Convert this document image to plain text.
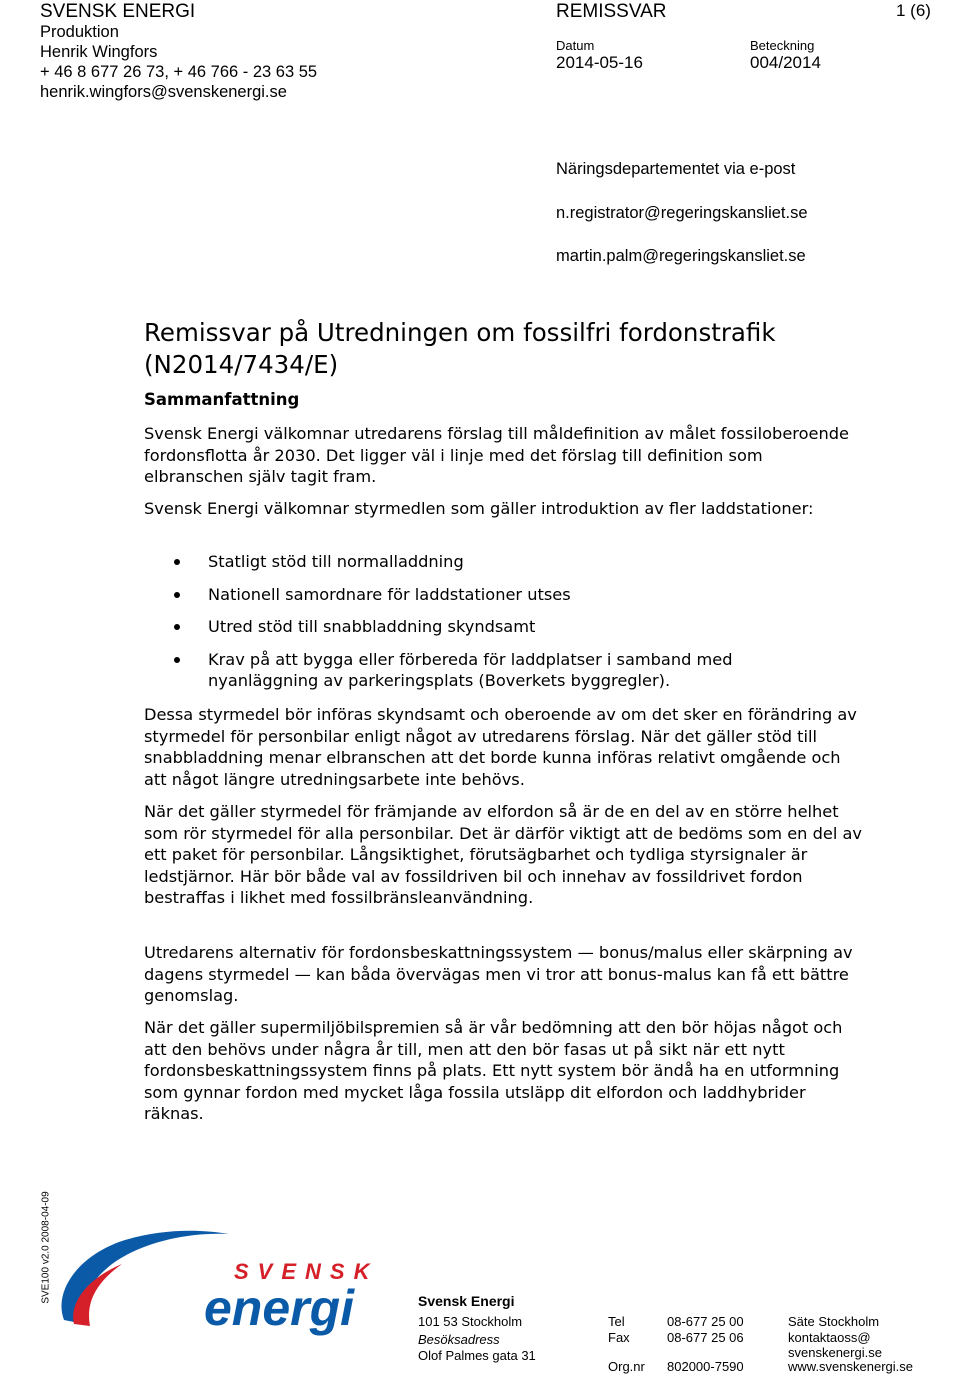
SVENSK ENERGI
Produktion
Henrik Wingfors
+ 46 8 677 26 73, + 46 766 - 23 63 55
henrik.wingfors@svenskenergi.se
REMISSVAR	1 (6)
Datum
2014-05-16
Beteckning
004/2014
Näringsdepartementet via e-post
n.registrator@regeringskansliet.se
martin.palm@regeringskansliet.se
Remissvar på Utredningen om fossilfri fordonstrafik
(N2014/7434/E)
Sammanfattning

Svensk Energi välkomnar utredarens förslag till måldefinition av målet fossiloberoende fordonsflotta år 2030. Det ligger väl i linje med det förslag till definition som elbranschen själv tagit fram.

Svensk Energi välkomnar styrmedlen som gäller introduktion av fler laddstationer:

Statligt stöd till normalladdning
Nationell samordnare för laddstationer utses
Utred stöd till snabbladdning skyndsamt
Krav på att bygga eller förbereda för laddplatser i samband med nyanläggning av parkeringsplats (Boverkets byggregler).

Dessa styrmedel bör införas skyndsamt och oberoende av om det sker en förändring av styrmedel för personbilar enligt något av utredarens förslag. När det gäller stöd till snabbladdning menar elbranschen att det borde kunna införas relativt omgående och att något längre utredningsarbete inte behövs.

När det gäller styrmedel för främjande av elfordon så är de en del av en större helhet som rör styrmedel för alla personbilar. Det är därför viktigt att de bedöms som en del av ett paket för personbilar. Långsiktighet, förutsägbarhet och tydliga styrsignaler är ledstjärnor. Här bör både val av fossildriven bil och innehav av fossildrivet fordon bestraffas i likhet med fossilbränsleanvändning.

Utredarens alternativ för fordonsbeskattningssystem — bonus/malus eller skärpning av dagens styrmedel — kan båda övervägas men vi tror att bonus-malus kan få ett bättre genomslag.

När det gäller supermiljöbilspremien så är vår bedömning att den bör höjas något och att den behövs under några år till, men att den bör fasas ut på sikt när ett nytt fordonsbeskattningssystem finns på plats. Ett nytt system bör ändå ha en utformning som gynnar fordon med mycket låga fossila utsläpp dit elfordon och laddhybrider räknas.

SVE100 v2.0 2008-04-09	SVENSK
energi	Svensk Energi
101 53 Stockholm
Besöksadress
Olof Palmes gata 31
Tel	08-677 25 00
Fax	08-677 25 06
Org.nr 802000-7590
Säte Stockholm
kontaktaoss@
svenskenergi.se
www.svenskenergi.se
